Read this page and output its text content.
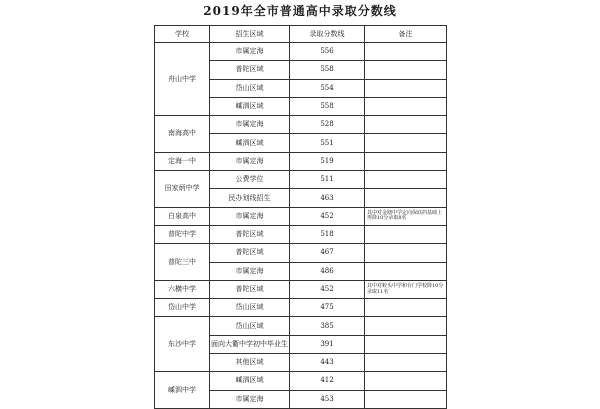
2019年全市普通高中录取分数线
学校	招生区域	录取分数线	备注
舟山中学	市属定海	556	
	普陀区域	558	
	岱山区域	554	
	嵊泗区域	558	
南海高中	市属定海	528	
	嵊泗区域	551	
定海一中	市属定海	519	
田家炳中学	公费学位	511	
	民办划线招生	463	
白泉高中	市属定海	452	其中对金塘中学定向保底的基础上再降10分录取8名
普陀中学	普陀区域	518	
普陀三中	普陀区域	467	
	市属定海	486	
六横中学	普陀区域	452	其中对蛟头中学和台门学校降10分录取11名
岱山中学	岱山区域	475	
东沙中学	岱山区域	385	
	面向大衢中学初中毕业生	391	
	其他区域	443	
嵊泗中学	嵊泗区域	412	
	市属定海	453	
